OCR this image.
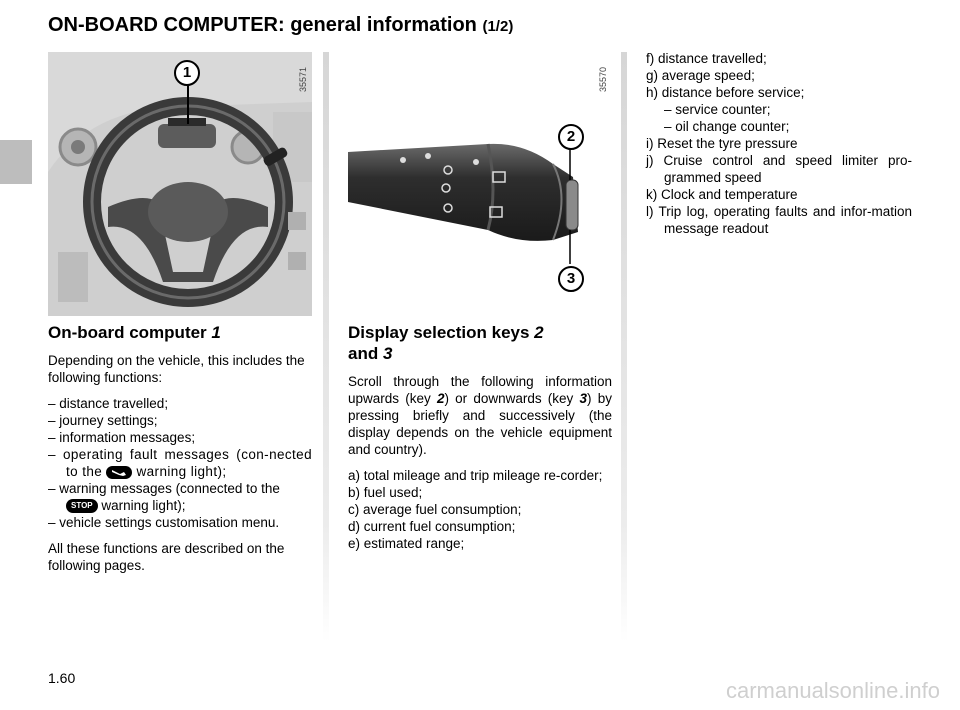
ON-BOARD COMPUTER: general information (1/2)
1	35571
On-board computer 1

Depending on the vehicle, this includes the following functions:

– distance travelled;
– journey settings;
– information messages;
– operating fault messages (con-nected to the	warning light);
– warning messages (connected to the STOP warning light);
– vehicle settings customisation menu.

All these functions are described on the following pages.

2
3
35570
Display selection keys 2
and 3

Scroll through the following information upwards (key 2) or downwards (key 3) by pressing briefly and successively (the display depends on the vehicle equipment and country).

a) total mileage and trip mileage re-corder;
b) fuel used;
c) average fuel consumption;
d) current fuel consumption;
e) estimated range;
f) distance travelled;
g) average speed;
h) distance before service;
– service counter;
– oil change counter;
i) Reset the tyre pressure
j) Cruise control and speed limiter pro-grammed speed
k) Clock and temperature
l) Trip log, operating faults and infor-mation message readout
1.60	carmanualsonline.info
